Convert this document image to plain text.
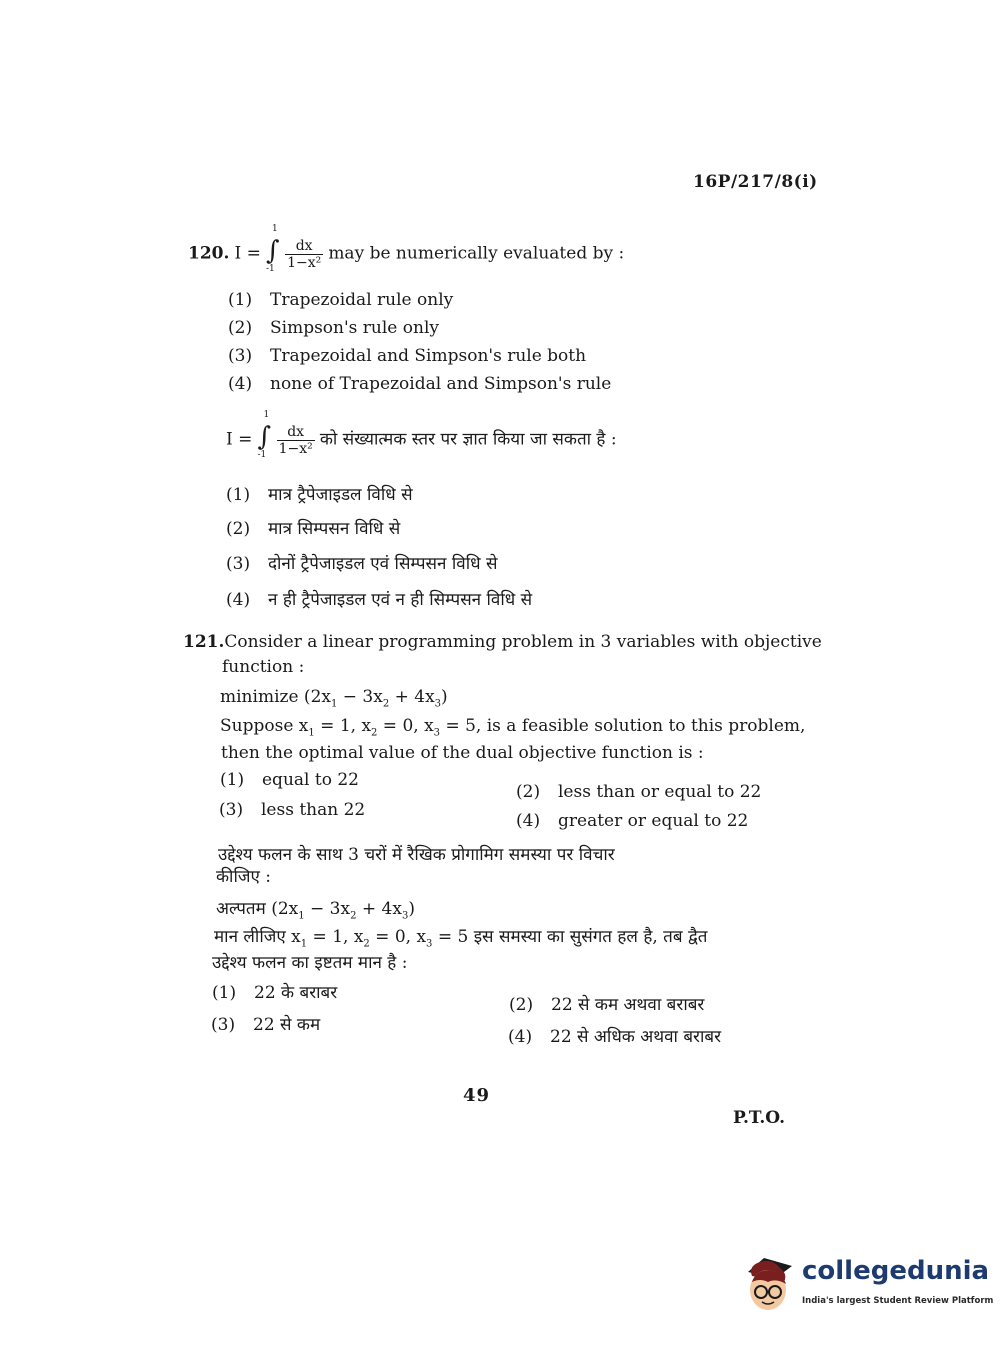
16P/217/8(i)
120. I = ∫
1
-1
$\frac{dx}{\text{1−x²}}$ may be numerically evaluated by :
(1) Trapezoidal rule only
(2) Simpson's rule only
(3) Trapezoidal and Simpson's rule both
(4) none of Trapezoidal and Simpson's rule
I = ∫
1
-1
$\frac{dx}{\text{1−x²}}$ को संख्यात्मक स्तर पर ज्ञात किया जा सकता है :
(1) मात्र ट्रैपेजाइडल विधि से
(2) मात्र सिम्पसन विधि से
(3) दोनों ट्रैपेजाइडल एवं सिम्पसन विधि से
(4) न ही ट्रैपेजाइडल एवं न ही सिम्पसन विधि से
121.Consider a linear programming problem in 3 variables with objective
function :
minimize $(2x_1 - 3x_2 + 4x_3)$
Suppose $x_1 = 1$, $x_2 = 0$, $x_3 = 5$, is a feasible solution to this problem,
then the optimal value of the dual objective function is :
(1) equal to 22
(2) less than or equal to 22
(3) less than 22
(4) greater or equal to 22
उद्देश्य फलन के साथ 3 चरों में रैखिक प्रोगामिग समस्या पर विचार
कीजिए :
अल्पतम $(2x_1 - 3x_2 + 4x_3)$
मान लीजिए $x_1 = 1$, $x_2 = 0$, $x_3 = 5$ इस समस्या का सुसंगत हल है, तब द्वैत
उद्देश्य फलन का इष्टतम मान है :
(1) 22 के बराबर
(2) 22 से कम अथवा बराबर
(3) 22 से कम
(4) 22 से अधिक अथवा बराबर
49
P.T.O.
collegedunia
India's largest Student Review Platform
